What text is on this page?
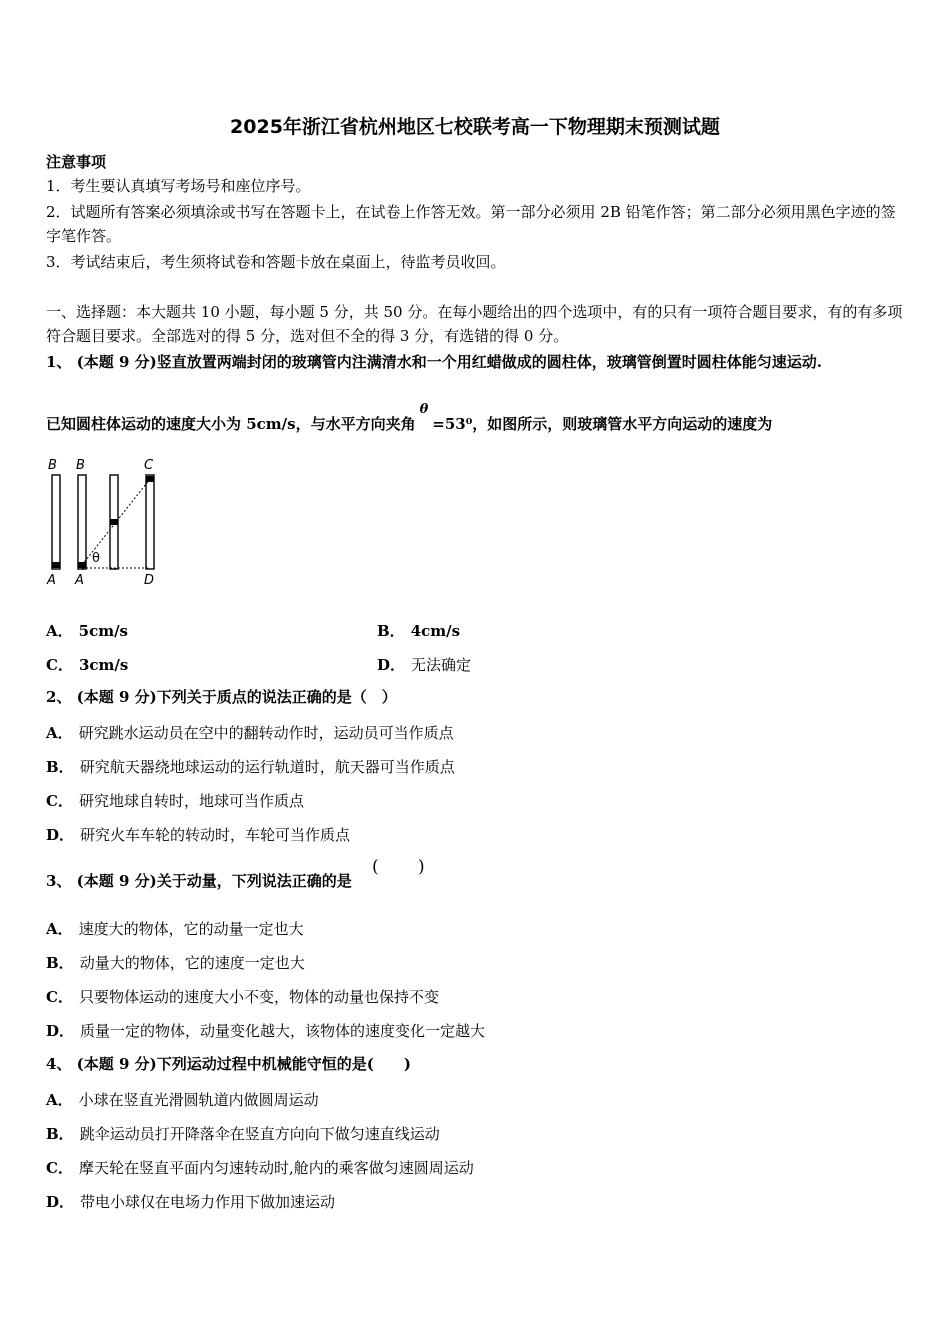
2025年浙江省杭州地区七校联考高一下物理期末预测试题
注意事项
1．考生要认真填写考场号和座位序号。
2．试题所有答案必须填涂或书写在答题卡上，在试卷上作答无效。第一部分必须用 2B 铅笔作答；第二部分必须用黑色字迹的签字笔作答。
3．考试结束后，考生须将试卷和答题卡放在桌面上，待监考员收回。
一、选择题：本大题共 10 小题，每小题 5 分，共 50 分。在每小题给出的四个选项中，有的只有一项符合题目要求，有的有多项符合题目要求。全部选对的得 5 分，选对但不全的得 3 分，有选错的得 0 分。
1、 (本题 9 分)竖直放置两端封闭的玻璃管内注满清水和一个用红蜡做成的圆柱体，玻璃管倒置时圆柱体能匀速运动.
已知圆柱体运动的速度大小为 5cm/s，与水平方向夹角θ=53⁰，如图所示，则玻璃管水平方向运动的速度为
B B	C
A A	D
θ
A． 5cm/s	B． 4cm/s
C． 3cm/s	D． 无法确定
2、 (本题 9 分)下列关于质点的说法正确的是（　）
A． 研究跳水运动员在空中的翻转动作时，运动员可当作质点
B． 研究航天器绕地球运动的运行轨道时，航天器可当作质点
C． 研究地球自转时，地球可当作质点
D． 研究火车车轮的转动时，车轮可当作质点
3、 (本题 9 分)关于动量，下列说法正确的是
( )
A． 速度大的物体，它的动量一定也大
B． 动量大的物体，它的速度一定也大
C． 只要物体运动的速度大小不变，物体的动量也保持不变
D． 质量一定的物体，动量变化越大，该物体的速度变化一定越大
4、 (本题 9 分)下列运动过程中机械能守恒的是(　　)
A． 小球在竖直光滑圆轨道内做圆周运动
B． 跳伞运动员打开降落伞在竖直方向向下做匀速直线运动
C． 摩天轮在竖直平面内匀速转动时,舱内的乘客做匀速圆周运动
D． 带电小球仅在电场力作用下做加速运动
